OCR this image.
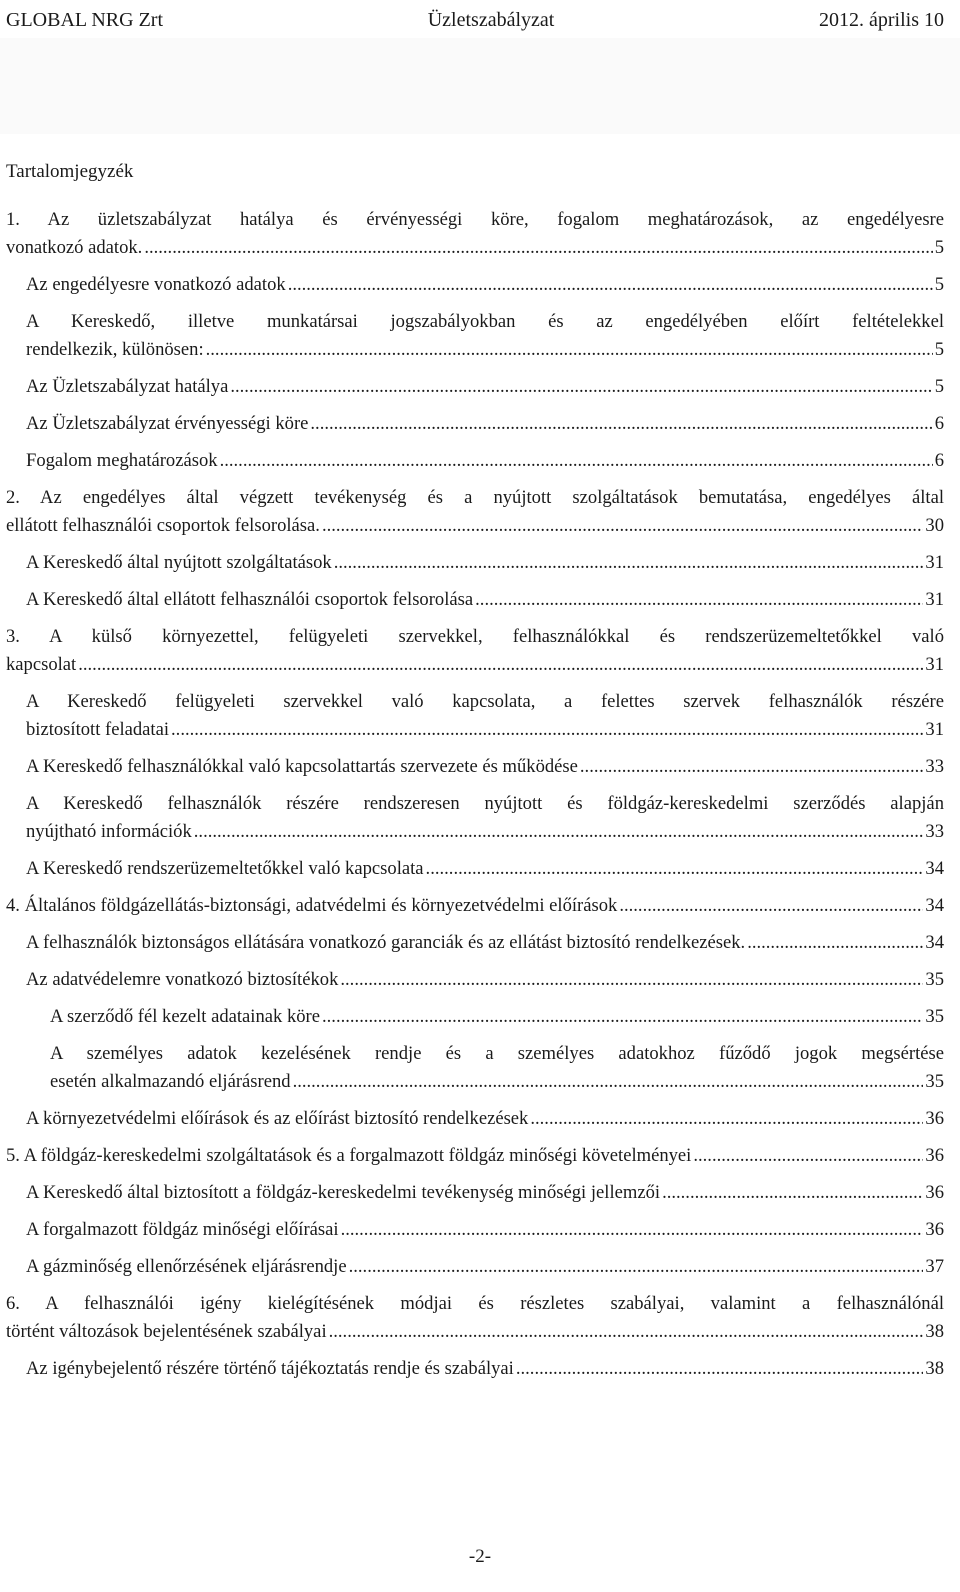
GLOBAL NRG Zrt	Üzletszabályzat	2012. április 10
Tartalomjegyzék
1. Az üzletszabályzat hatálya és érvényességi köre, fogalom meghatározások, az engedélyesre
vonatkozó adatok. .....	5
Az engedélyesre vonatkozó adatok .....	5
A Kereskedő, illetve munkatársai jogszabályokban és az engedélyében előírt feltételekkel
rendelkezik, különösen: .....	5
Az Üzletszabályzat hatálya .....	5
Az Üzletszabályzat érvényességi köre .....	6
Fogalom meghatározások .....	6
2. Az engedélyes által végzett tevékenység és a nyújtott szolgáltatások bemutatása, engedélyes által
ellátott felhasználói csoportok felsorolása. .....	30
A Kereskedő által nyújtott szolgáltatások .....	31
A Kereskedő által ellátott felhasználói csoportok felsorolása .....	31
3. A külső környezettel, felügyeleti szervekkel, felhasználókkal és rendszerüzemeltetőkkel való
kapcsolat .....	31
A Kereskedő felügyeleti szervekkel való kapcsolata, a felettes szervek felhasználók részére
biztosított feladatai .....	31
A Kereskedő felhasználókkal való kapcsolattartás szervezete és működése .....	33
A Kereskedő felhasználók részére rendszeresen nyújtott és földgáz-kereskedelmi szerződés alapján
nyújtható információk .....	33
A Kereskedő rendszerüzemeltetőkkel való kapcsolata .....	34
4. Általános földgázellátás-biztonsági, adatvédelmi és környezetvédelmi előírások .....	34
A felhasználók biztonságos ellátására vonatkozó garanciák és az ellátást biztosító rendelkezések. .....	34
Az adatvédelemre vonatkozó biztosítékok .....	35
A szerződő fél kezelt adatainak köre .....	35
A személyes adatok kezelésének rendje és a személyes adatokhoz fűződő jogok megsértése
esetén alkalmazandó eljárásrend .....	35
A környezetvédelmi előírások és az előírást biztosító rendelkezések .....	36
5. A földgáz-kereskedelmi szolgáltatások és a forgalmazott földgáz minőségi követelményei .....	36
A Kereskedő által biztosított a földgáz-kereskedelmi tevékenység minőségi jellemzői .....	36
A forgalmazott földgáz minőségi előírásai .....	36
A gázminőség ellenőrzésének eljárásrendje .....	37
6. A felhasználói igény kielégítésének módjai és részletes szabályai, valamint a felhasználónál
történt változások bejelentésének szabályai .....	38
Az igénybejelentő részére történő tájékoztatás rendje és szabályai .....	38
-2-
